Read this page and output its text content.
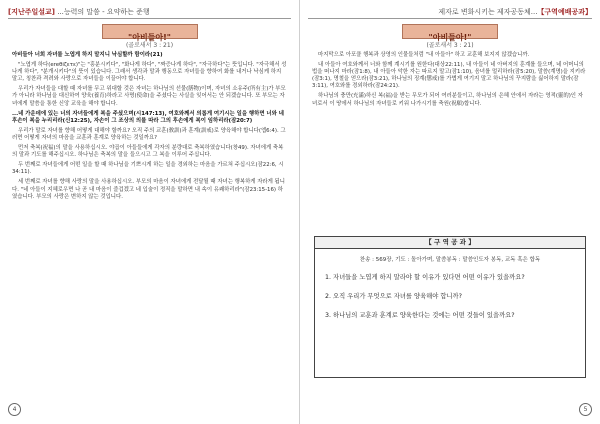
[지난주일설교] ...능력의 말씀 - 요약하는 준행
"아비들아!"
(골로새서 3 : 21)

아비들아 너희 자녀를 노엽게 하지 말지니 낙심할까 함이라(21)

"노엽게 하다(ereθiζετε)"는 "흥분시키다", "화나게 하다", "짜증나게 하다", "자극하다"는 뜻입니다. "자극해서 성나게 하다", "분개시키다"의 뜻이 있습니다. 그래서 생각과 말과 행동으로 자녀들을 향하여 화를 내거나 낙심케 하지 말고, 칭찬과 격려와 사랑으로 자녀들을 이끌어야 합니다.

우리가 자녀들을 대할 때 자녀를 무고 위대할 것은 자녀는 하나님의 선물(膳物)이며, 자녀의 소유주(所有主)가 부모가 아니라 하나님을 대신하여 양육(養育)하라고 사명(使命)을 주셨다는 사실을 잊어서는 안 되겠습니다. 또 부모는 자녀에게 말씀을 통한 신앙 교육을 해야 합니다.

...네 가운데에 있는 너의 자녀들에게 복을 주셨으며(시147:13), 여호와께서 의롭게 여기시는 일을 행하면 너와 네 후손이 복을 누리리라(신12:25), 자손이 그 조상의 의를 따라 그의 후손에게 복이 임하리라(잠20:7)

우리가 말로 자녀를 향해 어떻게 대해야 할까요? 오직 주의 교훈(敎訓)과 훈계(訓戒)로 양육해야 합니다(엡6:4). 그러면 어떻게 자녀의 마음을 교훈과 훈계로 양육하는 것일까요?

먼저 축복(祝福)의 말을 사용하십시오. 야곱이 아들들에게 각자의 분량대로 축복하였습니다(창49). 자녀에게 축복의 말과 기도를 해주십시오. 하나님은 축복의 말을 들으시고 그 복을 이루어 주십니다.

두 번째로 자녀들에게 어떤 일을 할 때 하나님을 기쁘시게 하는 일을 경외하는 마음을 가르쳐 주십시오(잠22:6, 시34:11).

세 번째로 자녀를 향해 사랑의 말을 사용하십시오. 부모의 마음이 자녀에게 전달될 때 자녀는 행복하게 자라게 됩니다. "네 아들이 지혜로우면 나 곧 내 마음이 즐겁겠고 네 입술이 정직을 말하면 내 속이 유쾌하리라"(잠23:15-16) 하였습니다. 부모의 사랑은 변하지 않는 것입니다.

4
제자로 변화시키는 제자공동체...【구역예배공과】
"아비들아!"
(골로새서 3 : 21)

마지막으로 아포클 행복과 상영의 인물들처럼 "내 아들아" 하고 교훈해 보지지 않겠습니까.

내 아들아 여호와께서 너와 함께 계시기를 원한다(대상22:11), 내 아들이 네 아버지의 훈계를 들으며, 네 어머니의 법을 떠나지 마라(잠1:8), 내 아들아 악한 자는 따르지 말고(잠1:10), 음녀를 멀리하라(잠5:20), 말씀(계명)을 지키라(잠3:1), 명철을 얻으라(잠3:21), 하나님의 징계(懲戒)를 가볍게 여기지 말고 하나님의 꾸지람을 싫어하지 말라(잠3:11), 여호와를 경외하라(잠24:21).

하나님의 충만(充滿)하신 복(福)을 받는 무모가 되어 여러분들이고, 하나님의 은혜 안에서 자라는 영적(靈的)인 자녀로서 이 땅에서 하나님의 자녀들로 키워 나가시기를 축원(祝願)합니다.

【 구 역 공 과 】
찬송 : 569장, 기도 : 돌아가며, 말씀봉독 : 말씀인도자 봉독, 교독 혹은 합독
1. 자녀들을 노엽게 하지 말라야 할 이유가 있다면 어떤 이유가 있을까요?
2. 오직 우리가 무엇으로 자녀를 양육해야 합니까?
3. 하나님의 교훈과 훈계로 양육한다는 것에는 어떤 것들이 있을까요?
5
